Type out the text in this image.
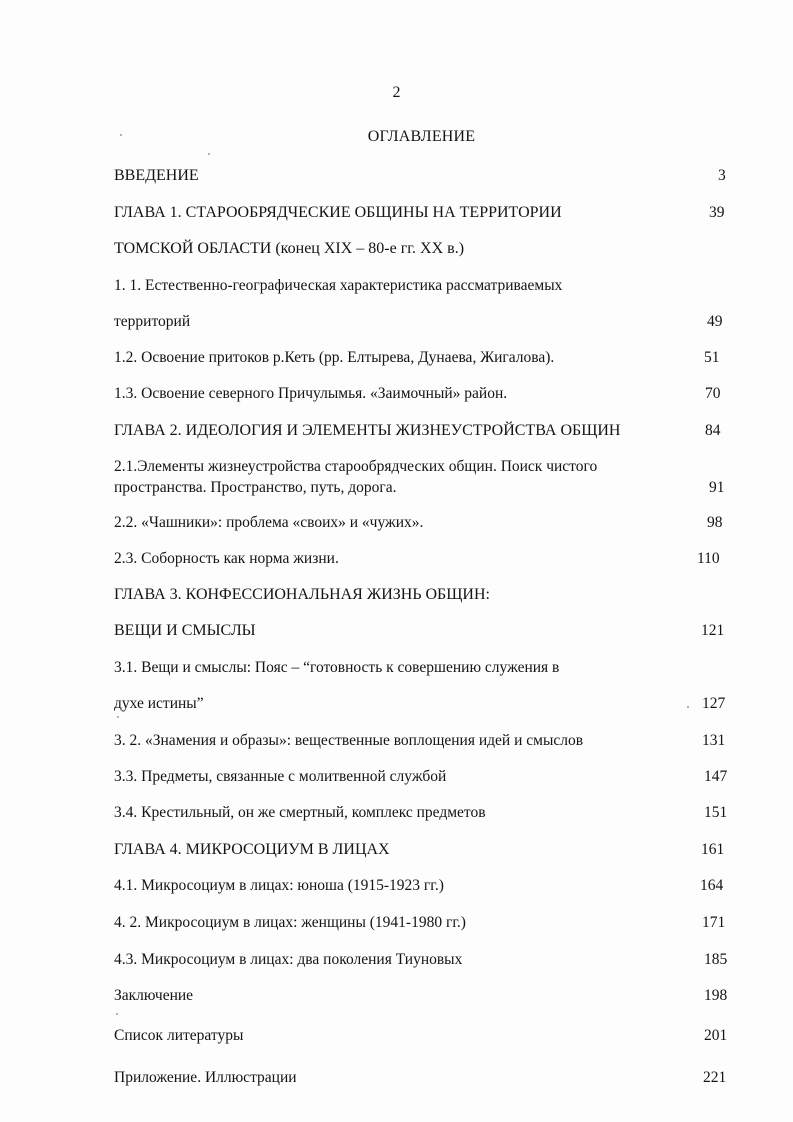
2
ОГЛАВЛЕНИЕ
ВВЕДЕНИЕ	3
ГЛАВА 1. СТАРООБРЯДЧЕСКИЕ ОБЩИНЫ НА ТЕРРИТОРИИ	39
ТОМСКОЙ ОБЛАСТИ (конец XIX – 80-е гг. XX в.)
1. 1. Естественно-географическая характеристика рассматриваемых
территорий	49
1.2. Освоение притоков р.Кеть (рр. Елтырева, Дунаева, Жигалова).	51
1.3. Освоение северного Причулымья. «Заимочный» район.	70
ГЛАВА 2. ИДЕОЛОГИЯ И ЭЛЕМЕНТЫ ЖИЗНЕУСТРОЙСТВА ОБЩИН	84
2.1.Элементы жизнеустройства старообрядческих общин. Поиск чистого
пространства. Пространство, путь, дорога.	91
2.2. «Чашники»: проблема «своих» и «чужих».	98
2.3. Соборность как норма жизни.	110
ГЛАВА 3. КОНФЕССИОНАЛЬНАЯ ЖИЗНЬ ОБЩИН:
ВЕЩИ И СМЫСЛЫ	121
3.1. Вещи и смыслы: Пояс – “готовность к совершению служения в
духе истины”	127
3. 2. «Знамения и образы»: вещественные воплощения идей и смыслов	131
3.3. Предметы, связанные с молитвенной службой	147
3.4. Крестильный, он же смертный, комплекс предметов	151
ГЛАВА 4. МИКРОСОЦИУМ В ЛИЦАХ	161
4.1. Микросоциум в лицах: юноша (1915-1923 гг.)	164
4. 2. Микросоциум в лицах: женщины (1941-1980 гг.)	171
4.3. Микросоциум в лицах: два поколения Тиуновых	185
Заключение	198
Список литературы	201
Приложение. Иллюстрации	221
